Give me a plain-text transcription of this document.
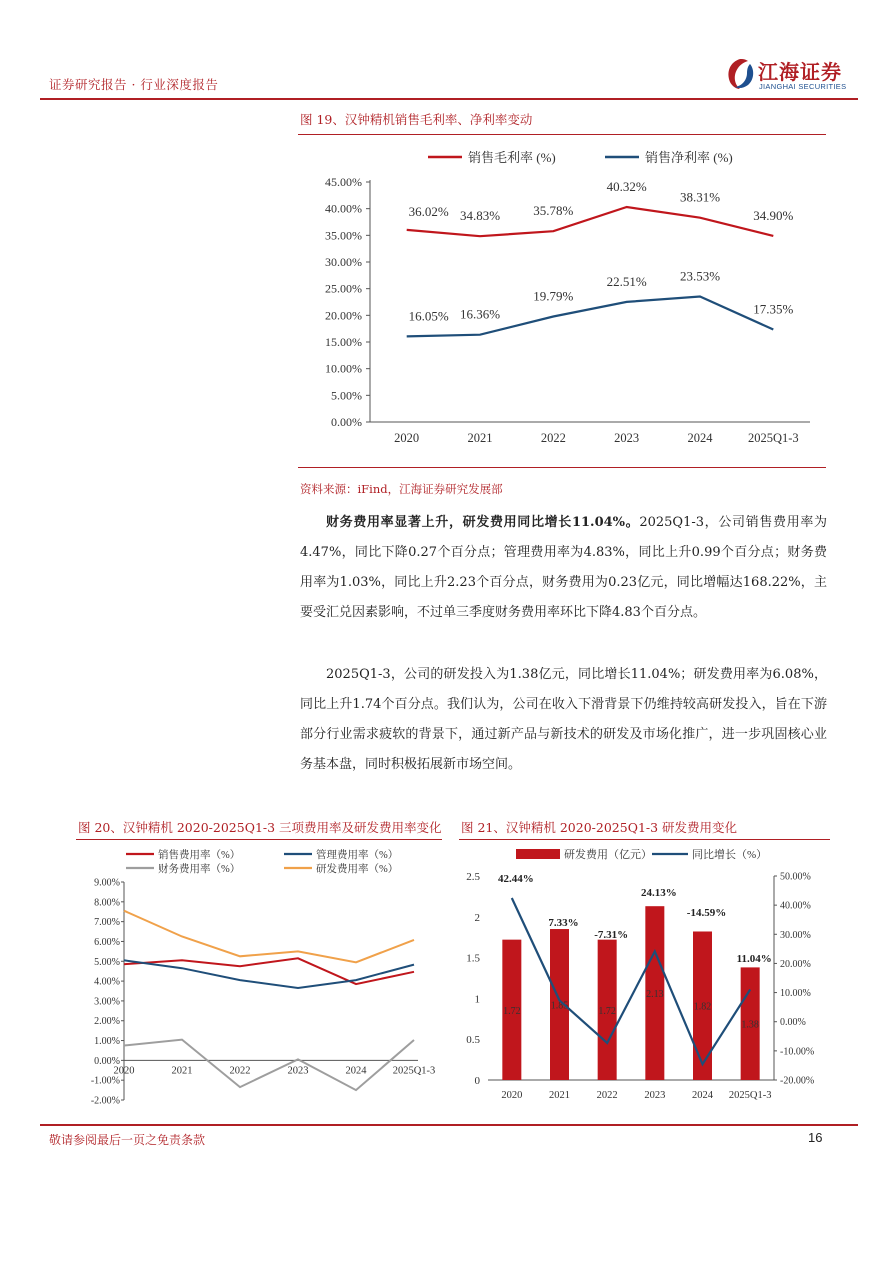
证券研究报告 · 行业深度报告
江海证券
JIANGHAI SECURITIES
图 19、汉钟精机销售毛利率、净利率变动
销售毛利率 (%)	销售净利率 (%)
0.00%
5.00%
10.00%
15.00%
20.00%
25.00%
30.00%
35.00%
40.00%
45.00%
2020	2021	2022	2023	2024	2025Q1-3
36.02% 34.83%	35.78%
40.32%
38.31%
34.90%
16.05% 16.36%
19.79%
22.51%	23.53%
17.35%
资料来源：iFind，江海证券研究发展部

财务费用率显著上升，研发费用同比增长11.04%。2025Q1-3，公司销售费用率为4.47%，同比下降0.27个百分点；管理费用率为4.83%，同比上升0.99个百分点；财务费用率为1.03%，同比上升2.23个百分点，财务费用为0.23亿元，同比增幅达168.22%，主要受汇兑因素影响，不过单三季度财务费用率环比下降4.83个百分点。

2025Q1-3，公司的研发投入为1.38亿元，同比增长11.04%；研发费用率为6.08%，同比上升1.74个百分点。我们认为，公司在收入下滑背景下仍维持较高研发投入，旨在下游部分行业需求疲软的背景下，通过新产品与新技术的研发及市场化推广，进一步巩固核心业务基本盘，同时积极拓展新市场空间。

图 20、汉钟精机 2020-2025Q1-3 三项费用率及研发费用率变化
销售费用率（%）	管理费用率（%）
财务费用率（%）	研发费用率（%）
-2.00%
-1.00%
0.00%
1.00%
2.00%
3.00%
4.00%
5.00%
6.00%
7.00%
8.00%
9.00%
2020	2021	2022	2023	2024 2025Q1-3
图 21、汉钟精机 2020-2025Q1-3 研发费用变化
研发费用（亿元）	同比增长（%）
0
0.5
1
1.5
2
2.5
-20.00%
-10.00%
0.00%
10.00%
20.00%
30.00%
40.00%
50.00%
2020	2021	2022	2023	2024 2025Q1-3
1.72	1.85	1.72
2.13
1.82
1.38
42.44%
7.33%
-7.31%
24.13%
-14.59%
11.04%
敬请参阅最后一页之免责条款	16
